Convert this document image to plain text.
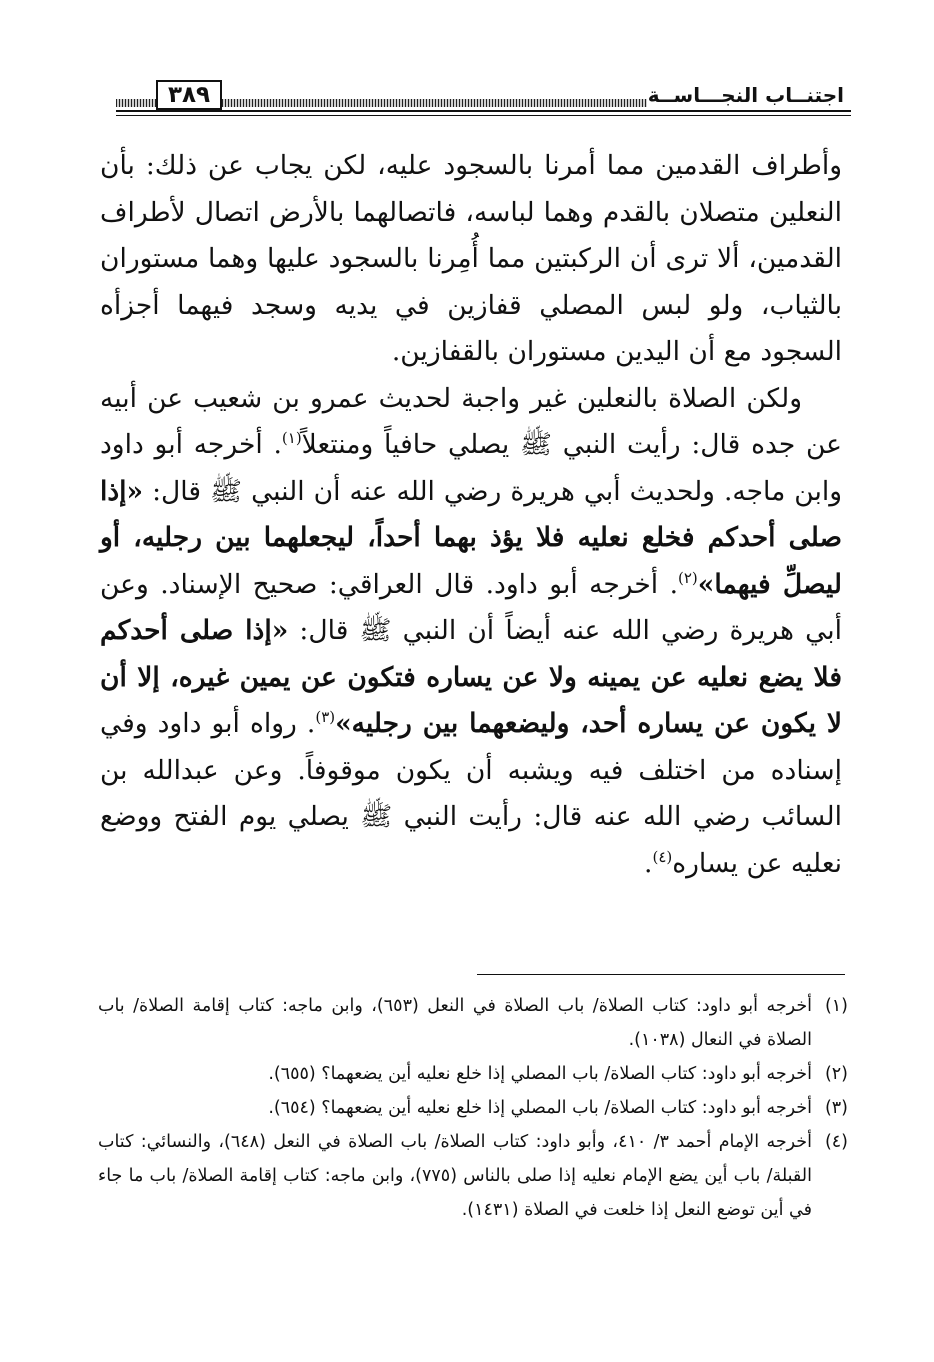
٣٨٩	اجتنــاب النجـــاســة

وأطراف القدمين مما أمرنا بالسجود عليه، لكن يجاب عن ذلك: بأن النعلين متصلان بالقدم وهما لباسه، فاتصالهما بالأرض اتصال لأطراف القدمين، ألا ترى أن الركبتين مما أُمِرنا بالسجود عليها وهما مستوران بالثياب، ولو لبس المصلي قفازين في يديه وسجد فيهما أجزأه السجود مع أن اليدين مستوران بالقفازين.

ولكن الصلاة بالنعلين غير واجبة لحديث عمرو بن شعيب عن أبيه عن جده قال: رأيت النبي ﷺ يصلي حافياً ومنتعلاً$^{(١)}$. أخرجه أبو داود وابن ماجه. ولحديث أبي هريرة رضي الله عنه أن النبي ﷺ قال: «إذا صلى أحدكم فخلع نعليه فلا يؤذ بهما أحداً، ليجعلهما بين رجليه، أو ليصلِّ فيهما»$^{(٢)}$. أخرجه أبو داود. قال العراقي: صحيح الإسناد. وعن أبي هريرة رضي الله عنه أيضاً أن النبي ﷺ قال: «إذا صلى أحدكم فلا يضع نعليه عن يمينه ولا عن يساره فتكون عن يمين غيره، إلا أن لا يكون عن يساره أحد، وليضعهما بين رجليه»$^{(٣)}$. رواه أبو داود وفي إسناده من اختلف فيه ويشبه أن يكون موقوفاً. وعن عبدالله بن السائب رضي الله عنه قال: رأيت النبي ﷺ يصلي يوم الفتح ووضع نعليه عن يساره$^{(٤)}$.

(١)أخرجه أبو داود: كتاب الصلاة/ باب الصلاة في النعل (٦٥٣)، وابن ماجه: كتاب إقامة الصلاة/ باب الصلاة في النعال (١٠٣٨).

(٢)أخرجه أبو داود: كتاب الصلاة/ باب المصلي إذا خلع نعليه أين يضعهما؟ (٦٥٥).

(٣)أخرجه أبو داود: كتاب الصلاة/ باب المصلي إذا خلع نعليه أين يضعهما؟ (٦٥٤).

(٤)أخرجه الإمام أحمد ٣/ ٤١٠، وأبو داود: كتاب الصلاة/ باب الصلاة في النعل (٦٤٨)، والنسائي: كتاب القبلة/ باب أين يضع الإمام نعليه إذا صلى بالناس (٧٧٥)، وابن ماجه: كتاب إقامة الصلاة/ باب ما جاء في أين توضع النعل إذا خلعت في الصلاة (١٤٣١).
